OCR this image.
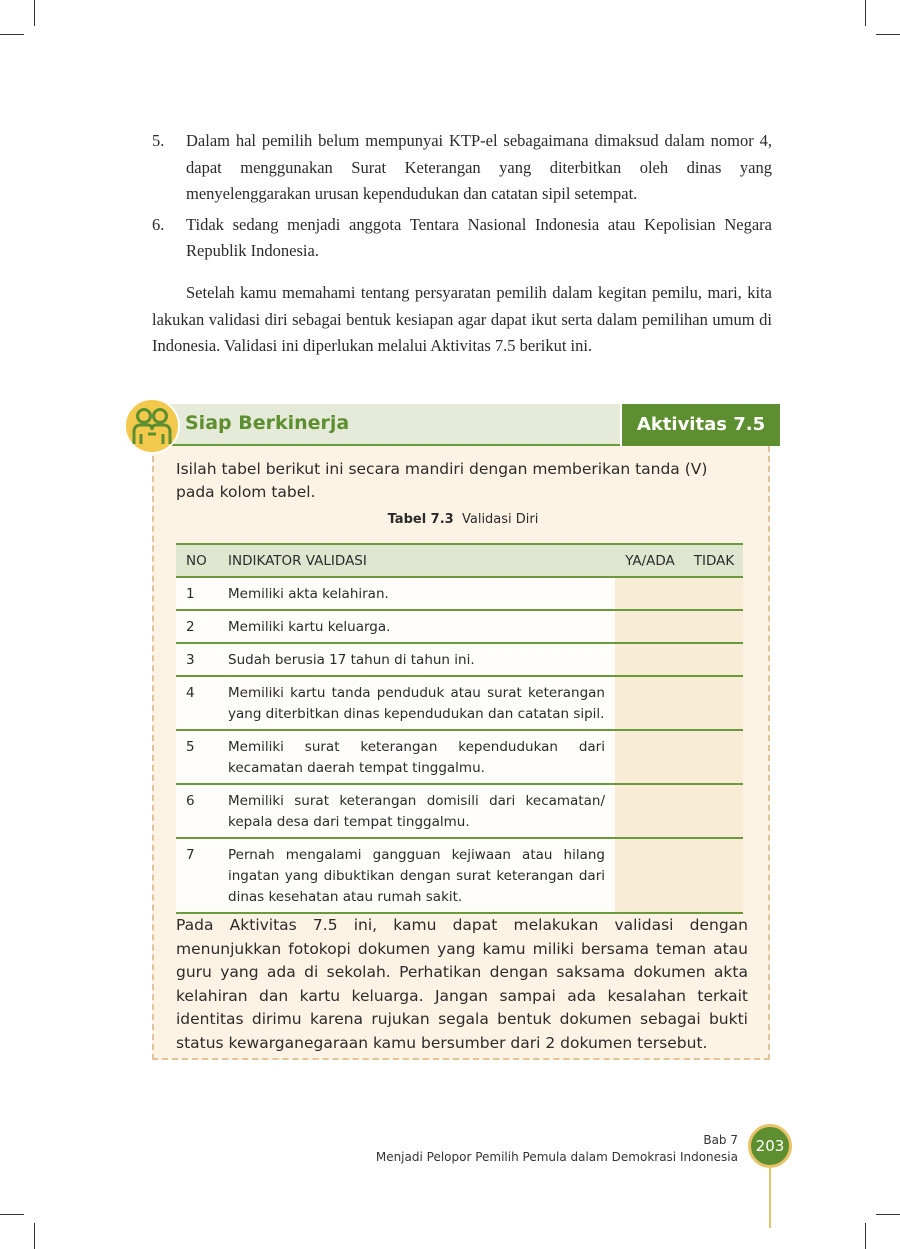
5.	Dalam hal pemilih belum mempunyai KTP-el sebagaimana dimaksud dalam nomor 4, dapat menggunakan Surat Keterangan yang diterbitkan oleh dinas yang menyelenggarakan urusan kependudukan dan catatan sipil setempat.
6.	Tidak sedang menjadi anggota Tentara Nasional Indonesia atau Kepolisian Negara Republik Indonesia.

Setelah kamu memahami tentang persyaratan pemilih dalam kegitan pemilu, mari, kita lakukan validasi diri sebagai bentuk kesiapan agar dapat ikut serta dalam pemilihan umum di Indonesia. Validasi ini diperlukan melalui Aktivitas 7.5 berikut ini.

Siap Berkinerja	Aktivitas 7.5
Isilah tabel berikut ini secara mandiri dengan memberikan tanda (V) pada kolom tabel.
Tabel 7.3 Validasi Diri
NO	INDIKATOR VALIDASI	YA/ADA	TIDAK
1	Memiliki akta kelahiran.		
2	Memiliki kartu keluarga.		
3	Sudah berusia 17 tahun di tahun ini.		
4	Memiliki kartu tanda penduduk atau surat keterangan yang diterbitkan dinas kependudukan dan catatan sipil.		
5	Memiliki surat keterangan kependudukan dari kecamatan daerah tempat tinggalmu.		
6	Memiliki surat keterangan domisili dari kecamatan/ kepala desa dari tempat tinggalmu.		
7	Pernah mengalami gangguan kejiwaan atau hilang ingatan yang dibuktikan dengan surat keterangan dari dinas kesehatan atau rumah sakit.		

Pada Aktivitas 7.5 ini, kamu dapat melakukan validasi dengan menunjukkan fotokopi dokumen yang kamu miliki bersama teman atau guru yang ada di sekolah. Perhatikan dengan saksama dokumen akta kelahiran dan kartu keluarga. Jangan sampai ada kesalahan terkait identitas dirimu karena rujukan segala bentuk dokumen sebagai bukti status kewarganegaraan kamu bersumber dari 2 dokumen tersebut.

Bab 7
Menjadi Pelopor Pemilih Pemula dalam Demokrasi Indonesia
203
